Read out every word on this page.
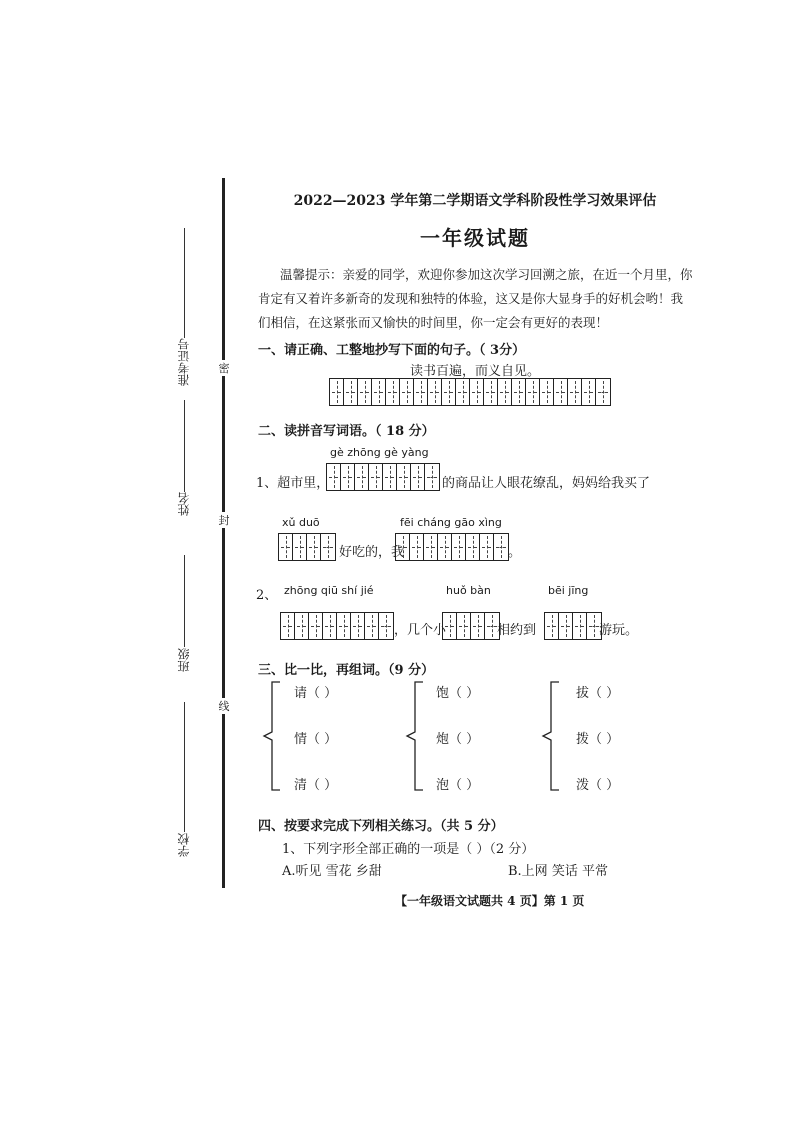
准考证号
姓名
班级
学校
密
封
线
2022—2023 学年第二学期语文学科阶段性学习效果评估
一年级试题
温馨提示：亲爱的同学，欢迎你参加这次学习回溯之旅，在近一个月里，你
肯定有又着许多新奇的发现和独特的体验，这又是你大显身手的好机会哟！我
们相信，在这紧张而又愉快的时间里，你一定会有更好的表现！
一、请正确、工整地抄写下面的句子。（ 3分）
读书百遍，而义自见。
二、读拼音写词语。（ 18 分）
gè zhōng gè yàng
1、超市里，	的商品让人眼花缭乱，妈妈给我买了
xǔ duō	fēi cháng gāo xìng
好吃的，我	。
2、 zhōng qiū shí jié	huǒ bàn	bēi jīng
，几个小	相约到	游玩。
三、比一比，再组词。（9 分）
请（ ）
情（ ）
清（ ）
饱（ ）
炮（ ）
泡（ ）
拔（ ）
拨（ ）
泼（ ）
四、按要求完成下列相关练习。（共 5 分）
1、下列字形全部正确的一项是（ ）（2 分）
A.听见 雪花 乡甜	B.上网 笑话 平常
【一年级语文试题共 4 页】第 1 页
